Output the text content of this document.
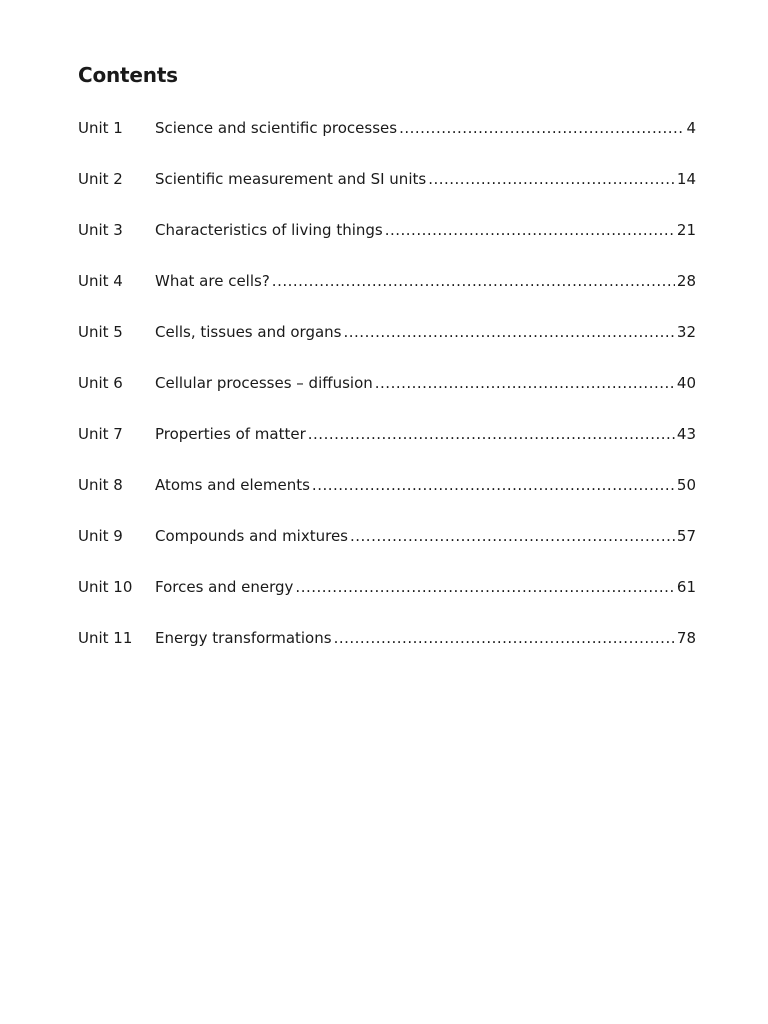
Contents
Unit 1	Science and scientific processes .....	4
Unit 2	Scientific measurement and SI units .....	14
Unit 3	Characteristics of living things .....	21
Unit 4	What are cells? .....	28
Unit 5	Cells, tissues and organs .....	32
Unit 6	Cellular processes – diffusion .....	40
Unit 7	Properties of matter .....	43
Unit 8	Atoms and elements .....	50
Unit 9	Compounds and mixtures .....	57
Unit 10	Forces and energy .....	61
Unit 11	Energy transformations .....	78
